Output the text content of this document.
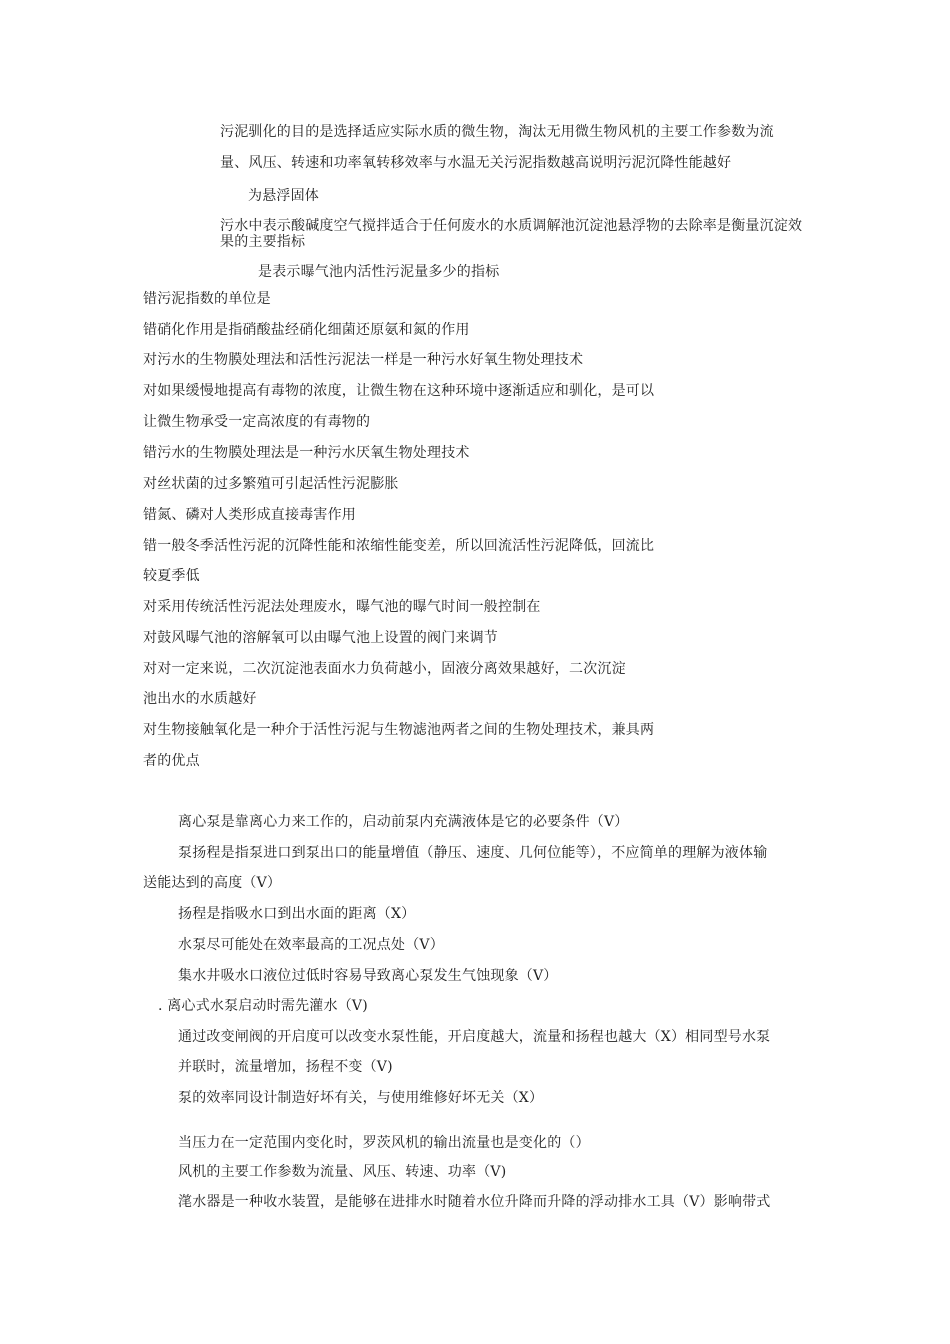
污泥驯化的目的是选择适应实际水质的微生物，淘汰无用微生物风机的主要工作参数为流
量、风压、转速和功率氧转移效率与水温无关污泥指数越高说明污泥沉降性能越好
为悬浮固体
污水中表示酸碱度空气搅拌适合于任何废水的水质调解池沉淀池悬浮物的去除率是衡量沉淀效果的主要指标
是表示曝气池内活性污泥量多少的指标
错污泥指数的单位是
错硝化作用是指硝酸盐经硝化细菌还原氨和氮的作用
对污水的生物膜处理法和活性污泥法一样是一种污水好氧生物处理技术
对如果缓慢地提高有毒物的浓度，让微生物在这种环境中逐渐适应和驯化，是可以
让微生物承受一定高浓度的有毒物的
错污水的生物膜处理法是一种污水厌氧生物处理技术
对丝状菌的过多繁殖可引起活性污泥膨胀
错氮、磷对人类形成直接毒害作用
错一般冬季活性污泥的沉降性能和浓缩性能变差，所以回流活性污泥降低，回流比
较夏季低
对采用传统活性污泥法处理废水，曝气池的曝气时间一般控制在
对鼓风曝气池的溶解氧可以由曝气池上设置的阀门来调节
对对一定来说，二次沉淀池表面水力负荷越小，固液分离效果越好，二次沉淀
池出水的水质越好
对生物接触氧化是一种介于活性污泥与生物滤池两者之间的生物处理技术，兼具两
者的优点
离心泵是靠离心力来工作的，启动前泵内充满液体是它的必要条件（V）
泵扬程是指泵进口到泵出口的能量增值（静压、速度、几何位能等），不应简单的理解为液体输
送能达到的高度（V）
扬程是指吸水口到出水面的距离（X）
水泵尽可能处在效率最高的工况点处（V）
集水井吸水口液位过低时容易导致离心泵发生气蚀现象（V）
. 离心式水泵启动时需先灌水（V)
通过改变闸阀的开启度可以改变水泵性能，开启度越大，流量和扬程也越大（X）相同型号水泵
并联时，流量增加，扬程不变（V)
泵的效率同设计制造好坏有关，与使用维修好坏无关（X）
当压力在一定范围内变化时，罗茨风机的输出流量也是变化的（）
风机的主要工作参数为流量、风压、转速、功率（V)
滗水器是一种收水装置，是能够在进排水时随着水位升降而升降的浮动排水工具（V）影响带式
